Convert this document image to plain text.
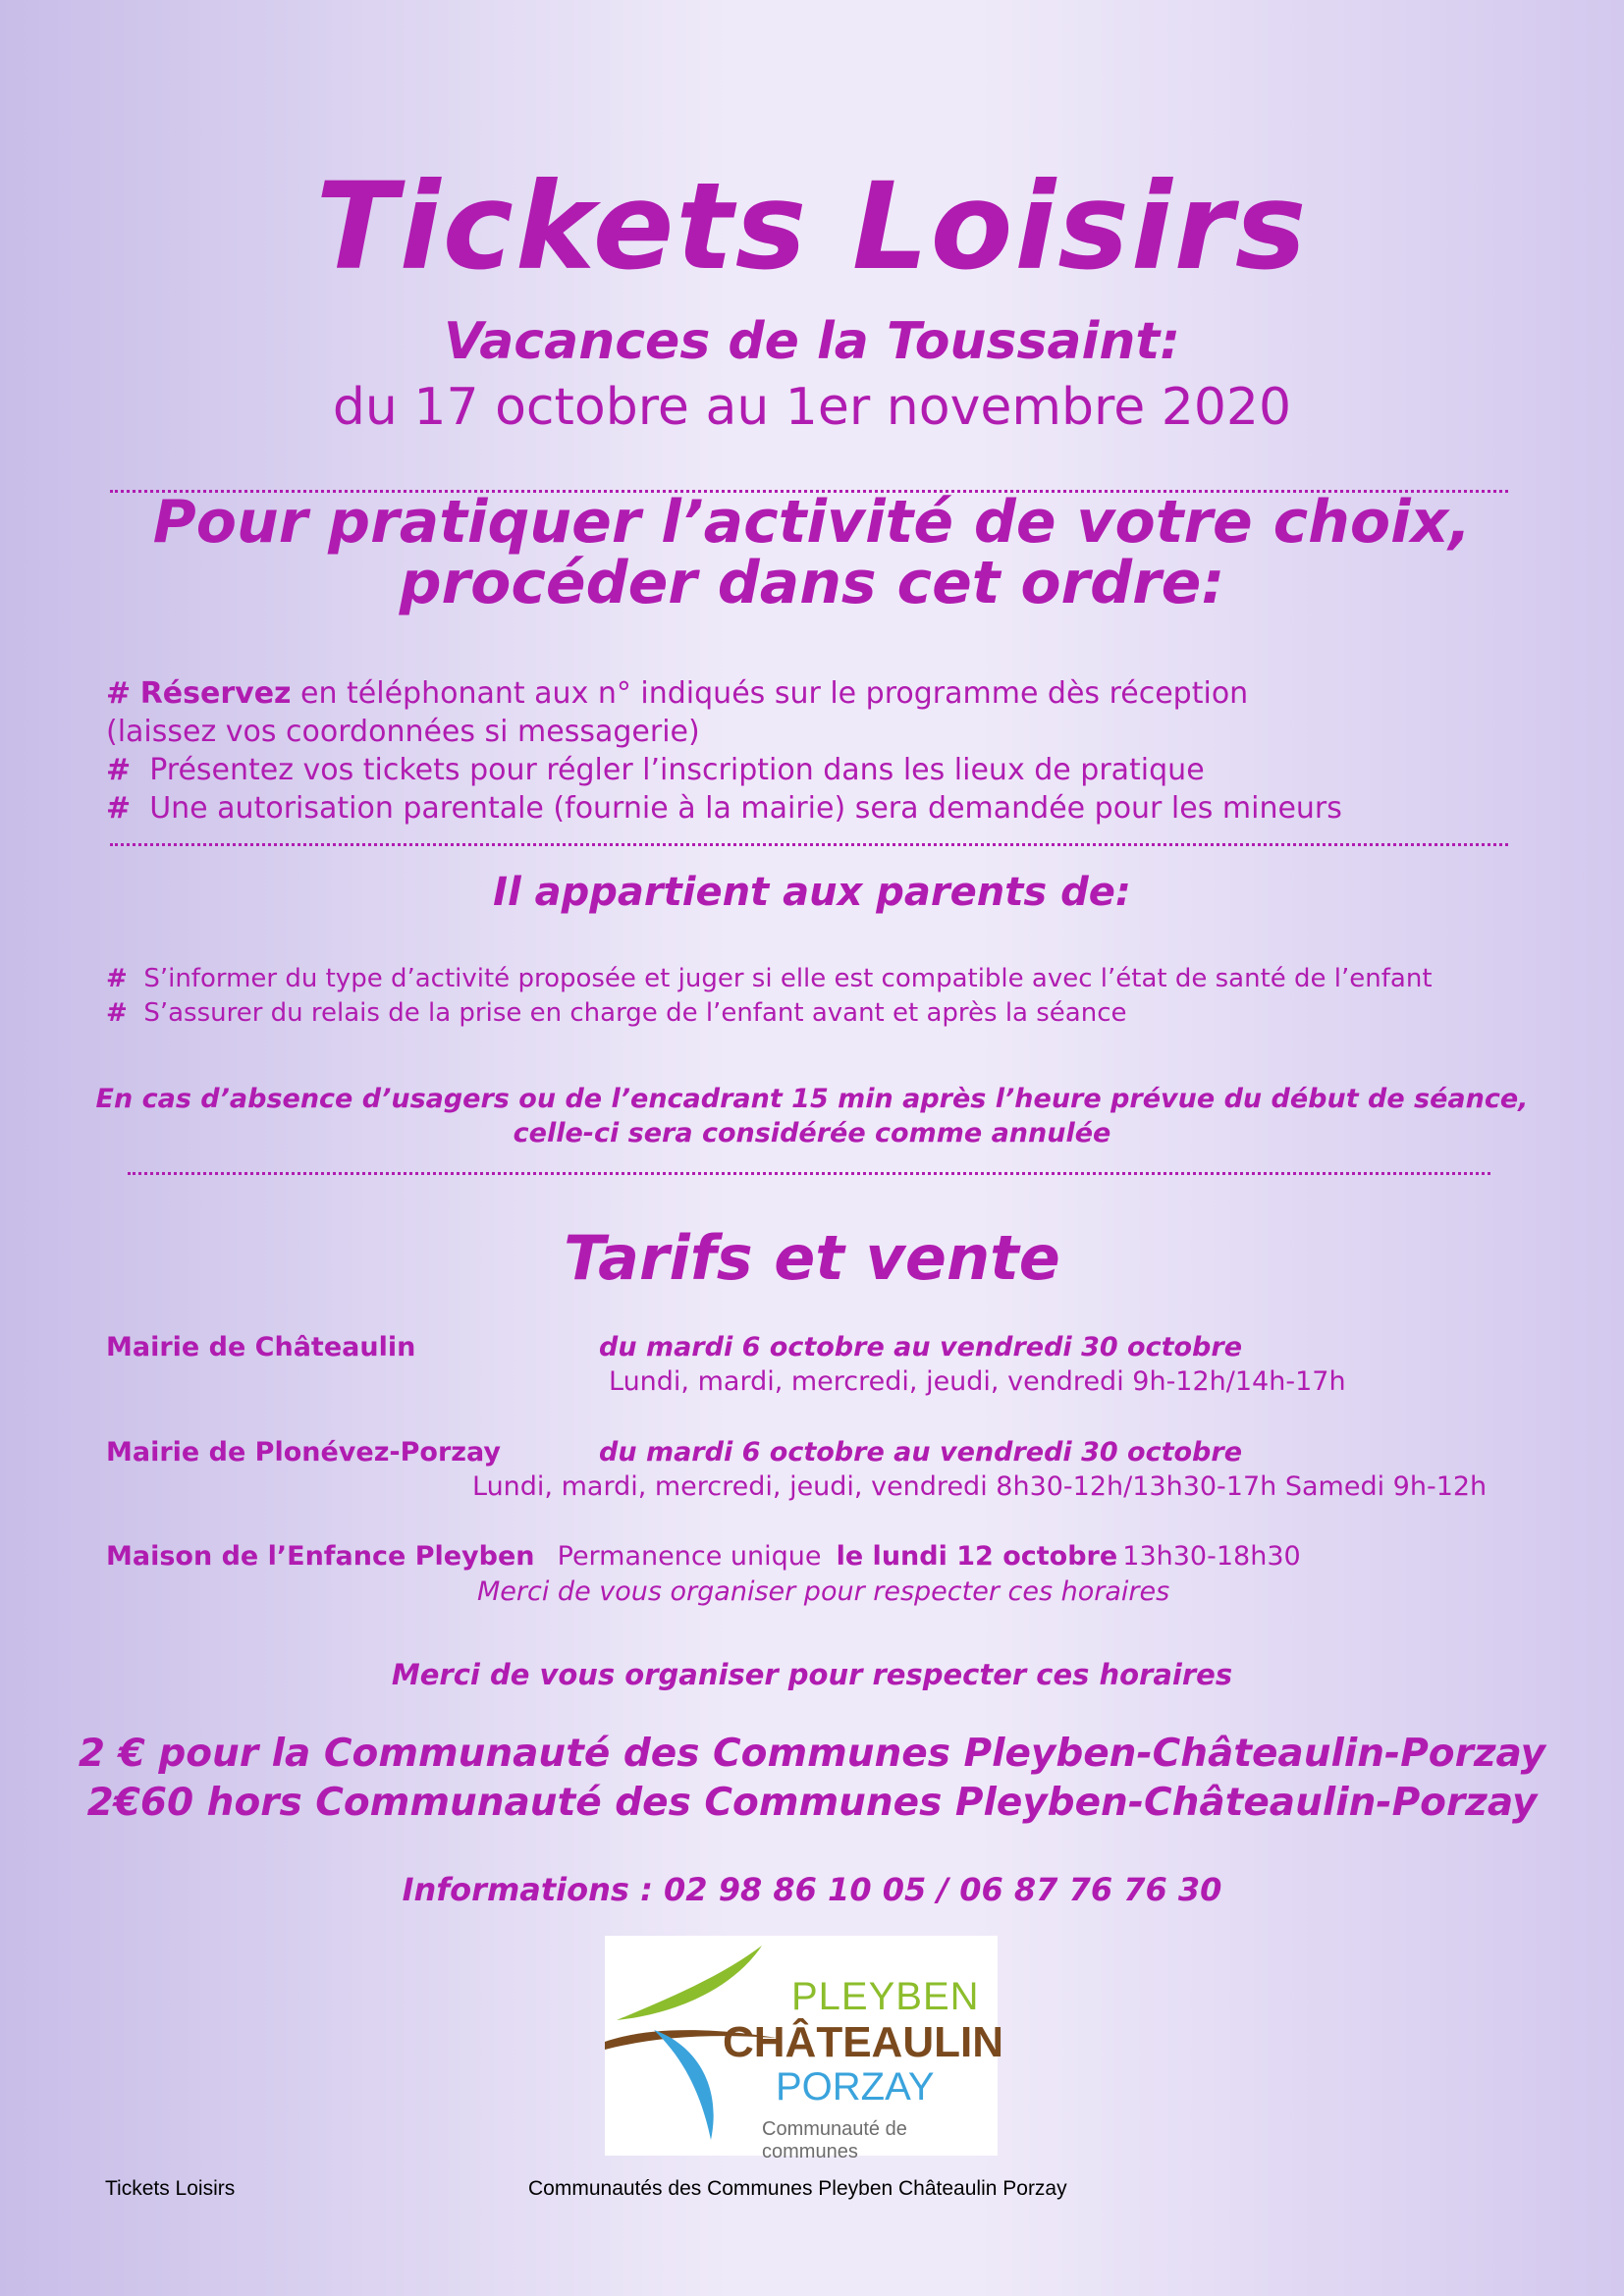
Tickets Loisirs
Vacances de la Toussaint:
du 17 octobre au 1er novembre 2020
Pour pratiquer l’activité de votre choix,
procéder dans cet ordre:
# Réservez en téléphonant aux n° indiqués sur le programme dès réception
(laissez vos coordonnées si messagerie)
#  Présentez vos tickets pour régler l’inscription dans les lieux de pratique
#  Une autorisation parentale (fournie à la mairie) sera demandée pour les mineurs
Il appartient aux parents de:
# S’informer du type d’activité proposée et juger si elle est compatible avec l’état de santé de l’enfant
# S’assurer du relais de la prise en charge de l’enfant avant et après la séance
En cas d’absence d’usagers ou de l’encadrant 15 min après l’heure prévue du début de séance,
celle-ci sera considérée comme annulée
Tarifs et vente
Mairie de Châteaulin	du mardi 6 octobre au vendredi 30 octobre
Lundi, mardi, mercredi, jeudi, vendredi 9h-12h/14h-17h
Mairie de Plonévez-Porzay	du mardi 6 octobre au vendredi 30 octobre
Lundi, mardi, mercredi, jeudi, vendredi 8h30-12h/13h30-17h Samedi 9h-12h
Maison de l’Enfance Pleyben Permanence unique le lundi 12 octobre 13h30-18h30
Merci de vous organiser pour respecter ces horaires
Merci de vous organiser pour respecter ces horaires
2 € pour la Communauté des Communes Pleyben-Châteaulin-Porzay
2€60 hors Communauté des Communes Pleyben-Châteaulin-Porzay
Informations : 02 98 86 10 05 / 06 87 76 76 30
PLEYBEN
CHÂTEAULIN
PORZAY
Communauté de communes
Tickets Loisirs	Communautés des Communes Pleyben Châteaulin Porzay
